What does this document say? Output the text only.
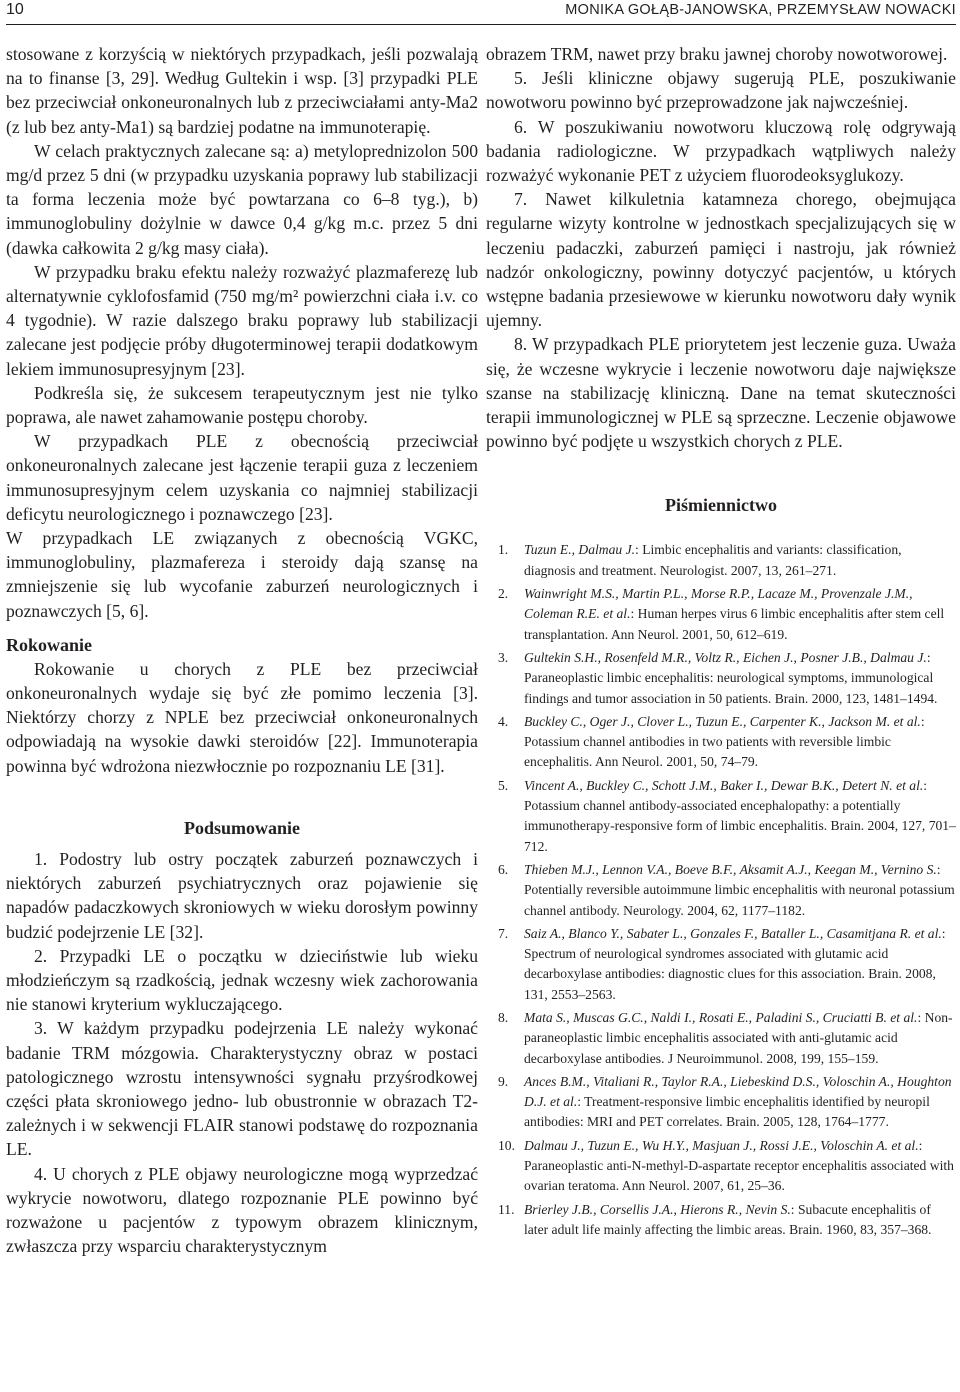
10	MONIKA GOŁĄB-JANOWSKA, PRZEMYSŁAW NOWACKI

stosowane z korzyścią w niektórych przypadkach, jeśli pozwalają na to finanse [3, 29]. Według Gultekin i wsp. [3] przypadki PLE bez przeciwciał onkoneuronalnych lub z przeciwciałami anty-Ma2 (z lub bez anty-Ma1) są bardziej podatne na immunoterapię.

W celach praktycznych zalecane są: a) metyloprednizolon 500 mg/d przez 5 dni (w przypadku uzyskania poprawy lub stabilizacji ta forma leczenia może być powtarzana co 6–8 tyg.), b) immunoglobuliny dożylnie w dawce 0,4 g/kg m.c. przez 5 dni (dawka całkowita 2 g/kg masy ciała).

W przypadku braku efektu należy rozważyć plazmaferezę lub alternatywnie cyklofosfamid (750 mg/m² powierzchni ciała i.v. co 4 tygodnie). W razie dalszego braku poprawy lub stabilizacji zalecane jest podjęcie próby długoterminowej terapii dodatkowym lekiem immunosupresyjnym [23].

Podkreśla się, że sukcesem terapeutycznym jest nie tylko poprawa, ale nawet zahamowanie postępu choroby.

W przypadkach PLE z obecnością przeciwciał onkoneuronalnych zalecane jest łączenie terapii guza z leczeniem immunosupresyjnym celem uzyskania co najmniej stabilizacji deficytu neurologicznego i poznawczego [23].

W przypadkach LE związanych z obecnością VGKC, immunoglobuliny, plazmafereza i steroidy dają szansę na zmniejszenie się lub wycofanie zaburzeń neurologicznych i poznawczych [5, 6].

Rokowanie

Rokowanie u chorych z PLE bez przeciwciał onkoneuronalnych wydaje się być złe pomimo leczenia [3]. Niektórzy chorzy z NPLE bez przeciwciał onkoneuronalnych odpowiadają na wysokie dawki steroidów [22]. Immunoterapia powinna być wdrożona niezwłocznie po rozpoznaniu LE [31].

Podsumowanie

1. Podostry lub ostry początek zaburzeń poznawczych i niektórych zaburzeń psychiatrycznych oraz pojawienie się napadów padaczkowych skroniowych w wieku dorosłym powinny budzić podejrzenie LE [32].

2. Przypadki LE o początku w dzieciństwie lub wieku młodzieńczym są rzadkością, jednak wczesny wiek zachorowania nie stanowi kryterium wykluczającego.

3. W każdym przypadku podejrzenia LE należy wykonać badanie TRM mózgowia. Charakterystyczny obraz w postaci patologicznego wzrostu intensywności sygnału przyśrodkowej części płata skroniowego jedno- lub obustronnie w obrazach T2-zależnych i w sekwencji FLAIR stanowi podstawę do rozpoznania LE.

4. U chorych z PLE objawy neurologiczne mogą wyprzedzać wykrycie nowotworu, dlatego rozpoznanie PLE powinno być rozważone u pacjentów z typowym obrazem klinicznym, zwłaszcza przy wsparciu charakterystycznym

obrazem TRM, nawet przy braku jawnej choroby nowotworowej.

5. Jeśli kliniczne objawy sugerują PLE, poszukiwanie nowotworu powinno być przeprowadzone jak najwcześniej.

6. W poszukiwaniu nowotworu kluczową rolę odgrywają badania radiologiczne. W przypadkach wątpliwych należy rozważyć wykonanie PET z użyciem fluorodeoksyglukozy.

7. Nawet kilkuletnia katamneza chorego, obejmująca regularne wizyty kontrolne w jednostkach specjalizujących się w leczeniu padaczki, zaburzeń pamięci i nastroju, jak również nadzór onkologiczny, powinny dotyczyć pacjentów, u których wstępne badania przesiewowe w kierunku nowotworu dały wynik ujemny.

8. W przypadkach PLE priorytetem jest leczenie guza. Uważa się, że wczesne wykrycie i leczenie nowotworu daje największe szanse na stabilizację kliniczną. Dane na temat skuteczności terapii immunologicznej w PLE są sprzeczne. Leczenie objawowe powinno być podjęte u wszystkich chorych z PLE.

Piśmiennictwo
1. Tuzun E., Dalmau J.: Limbic encephalitis and variants: classification, diagnosis and treatment. Neurologist. 2007, 13, 261–271.
2. Wainwright M.S., Martin P.L., Morse R.P., Lacaze M., Provenzale J.M., Coleman R.E. et al.: Human herpes virus 6 limbic encephalitis after stem cell transplantation. Ann Neurol. 2001, 50, 612–619.
3. Gultekin S.H., Rosenfeld M.R., Voltz R., Eichen J., Posner J.B., Dalmau J.: Paraneoplastic limbic encephalitis: neurological symptoms, immunological findings and tumor association in 50 patients. Brain. 2000, 123, 1481–1494.
4. Buckley C., Oger J., Clover L., Tuzun E., Carpenter K., Jackson M. et al.: Potassium channel antibodies in two patients with reversible limbic encephalitis. Ann Neurol. 2001, 50, 74–79.
5. Vincent A., Buckley C., Schott J.M., Baker I., Dewar B.K., Detert N. et al.: Potassium channel antibody-associated encephalopathy: a potentially immunotherapy-responsive form of limbic encephalitis. Brain. 2004, 127, 701–712.
6. Thieben M.J., Lennon V.A., Boeve B.F., Aksamit A.J., Keegan M., Vernino S.: Potentially reversible autoimmune limbic encephalitis with neuronal potassium channel antibody. Neurology. 2004, 62, 1177–1182.
7. Saiz A., Blanco Y., Sabater L., Gonzales F., Bataller L., Casamitjana R. et al.: Spectrum of neurological syndromes associated with glutamic acid decarboxylase antibodies: diagnostic clues for this association. Brain. 2008, 131, 2553–2563.
8. Mata S., Muscas G.C., Naldi I., Rosati E., Paladini S., Cruciatti B. et al.: Non-paraneoplastic limbic encephalitis associated with anti-glutamic acid decarboxylase antibodies. J Neuroimmunol. 2008, 199, 155–159.
9. Ances B.M., Vitaliani R., Taylor R.A., Liebeskind D.S., Voloschin A., Houghton D.J. et al.: Treatment-responsive limbic encephalitis identified by neuropil antibodies: MRI and PET correlates. Brain. 2005, 128, 1764–1777.
10. Dalmau J., Tuzun E., Wu H.Y., Masjuan J., Rossi J.E., Voloschin A. et al.: Paraneoplastic anti-N-methyl-D-aspartate receptor encephalitis associated with ovarian teratoma. Ann Neurol. 2007, 61, 25–36.
11. Brierley J.B., Corsellis J.A., Hierons R., Nevin S.: Subacute encephalitis of later adult life mainly affecting the limbic areas. Brain. 1960, 83, 357–368.
